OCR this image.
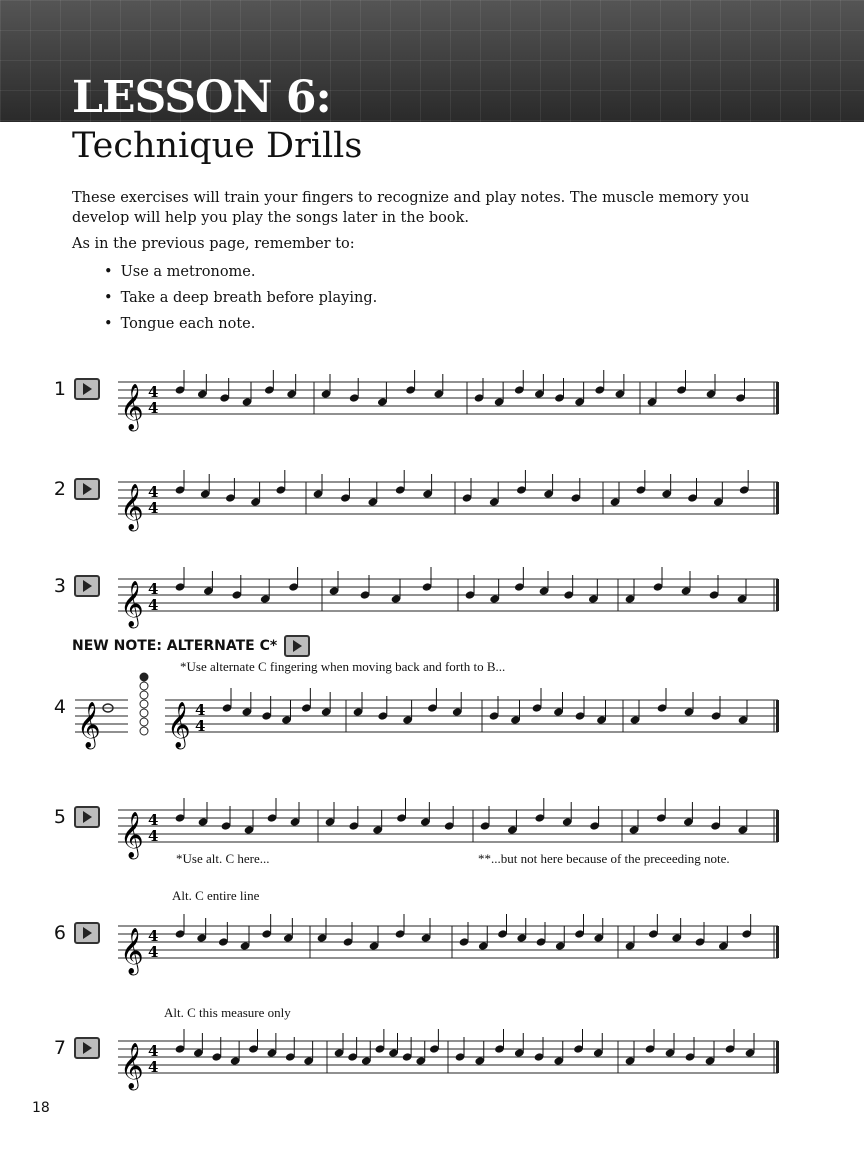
LESSON 6:
Technique Drills

These exercises will train your fingers to recognize and play notes. The muscle memory you develop will help you play the songs later in the book.

As in the previous page, remember to:

• Use a metronome.
• Take a deep breath before playing.
• Tongue each note.
1
2
3
4
5
6
7
NEW NOTE: ALTERNATE C*
*Use alternate C fingering when moving back and forth to B...
*Use alt. C here...	**...but not here because of the preceeding note.
Alt. C entire line
Alt. C this measure only
𝄞 4
4
𝄞 4
4
𝄞 4
4
𝄞 4
4
𝄞
𝄞 4
4
𝄞 4
4
𝄞 4
4
18
